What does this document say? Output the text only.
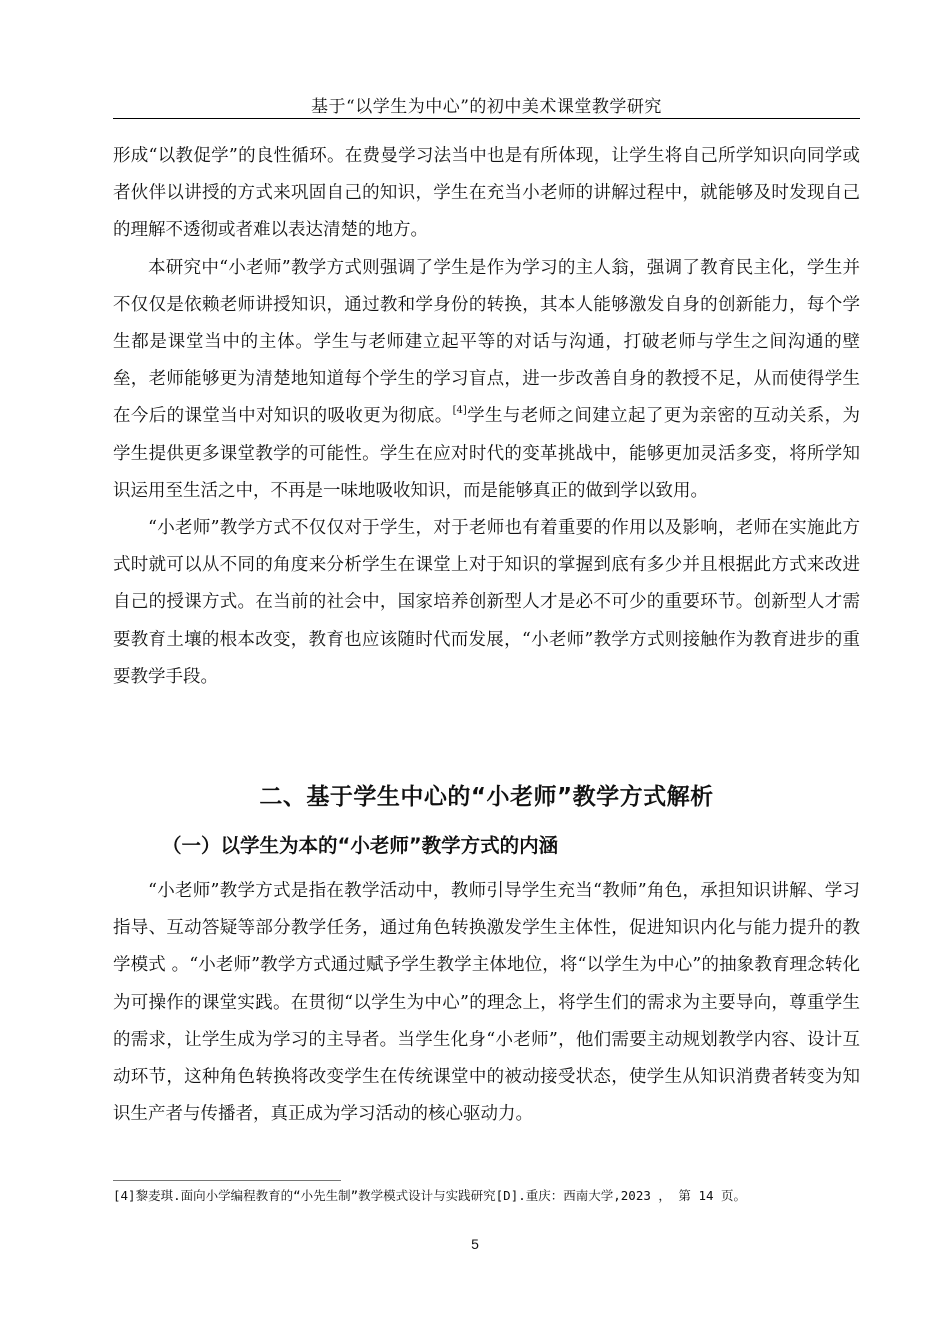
基于“以学生为中心”的初中美术课堂教学研究

形成“以教促学”的良性循环。在费曼学习法当中也是有所体现，让学生将自己所学知识向同学或者伙伴以讲授的方式来巩固自己的知识，学生在充当小老师的讲解过程中，就能够及时发现自己的理解不透彻或者难以表达清楚的地方。

本研究中“小老师”教学方式则强调了学生是作为学习的主人翁，强调了教育民主化，学生并不仅仅是依赖老师讲授知识，通过教和学身份的转换，其本人能够激发自身的创新能力，每个学生都是课堂当中的主体。学生与老师建立起平等的对话与沟通，打破老师与学生之间沟通的壁垒，老师能够更为清楚地知道每个学生的学习盲点，进一步改善自身的教授不足，从而使得学生在今后的课堂当中对知识的吸收更为彻底。[4]学生与老师之间建立起了更为亲密的互动关系，为学生提供更多课堂教学的可能性。学生在应对时代的变革挑战中，能够更加灵活多变，将所学知识运用至生活之中，不再是一味地吸收知识，而是能够真正的做到学以致用。

“小老师”教学方式不仅仅对于学生，对于老师也有着重要的作用以及影响，老师在实施此方式时就可以从不同的角度来分析学生在课堂上对于知识的掌握到底有多少并且根据此方式来改进自己的授课方式。在当前的社会中，国家培养创新型人才是必不可少的重要环节。创新型人才需要教育土壤的根本改变，教育也应该随时代而发展，“小老师”教学方式则接触作为教育进步的重要教学手段。

二、基于学生中心的“小老师”教学方式解析
（一）以学生为本的“小老师”教学方式的内涵

“小老师”教学方式是指在教学活动中，教师引导学生充当“教师”角色，承担知识讲解、学习指导、互动答疑等部分教学任务，通过角色转换激发学生主体性，促进知识内化与能力提升的教学模式 。“小老师”教学方式通过赋予学生教学主体地位，将“以学生为中心”的抽象教育理念转化为可操作的课堂实践。在贯彻“以学生为中心”的理念上，将学生们的需求为主要导向，尊重学生的需求，让学生成为学习的主导者。当学生化身“小老师”，他们需要主动规划教学内容、设计互动环节，这种角色转换将改变学生在传统课堂中的被动接受状态，使学生从知识消费者转变为知识生产者与传播者，真正成为学习活动的核心驱动力。

[4]黎麦琪.面向小学编程教育的“小先生制”教学模式设计与实践研究[D].重庆：西南大学,2023 ， 第 14 页。
5
